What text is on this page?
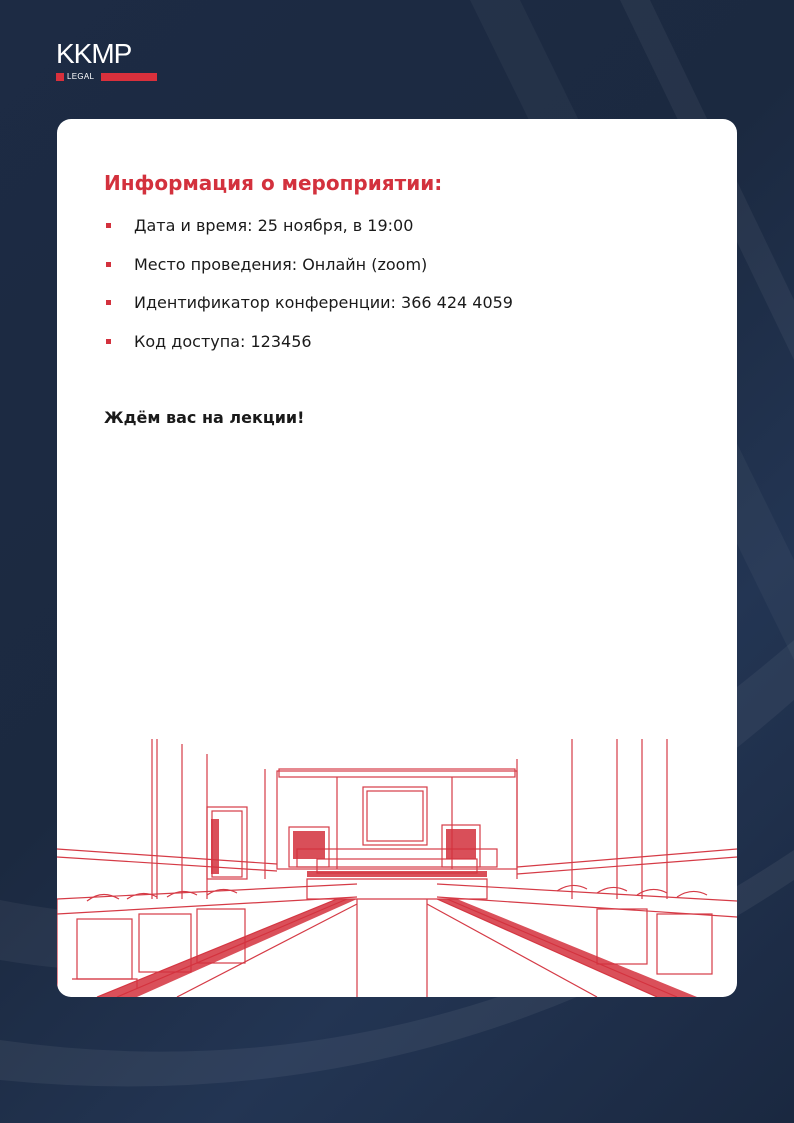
KKMP
LEGAL
Информация о мероприятии:
Дата и время: 25 ноября, в 19:00
Место проведения: Онлайн (zoom)
Идентификатор конференции: 366 424 4059
Код доступа: 123456

Ждём вас на лекции!
